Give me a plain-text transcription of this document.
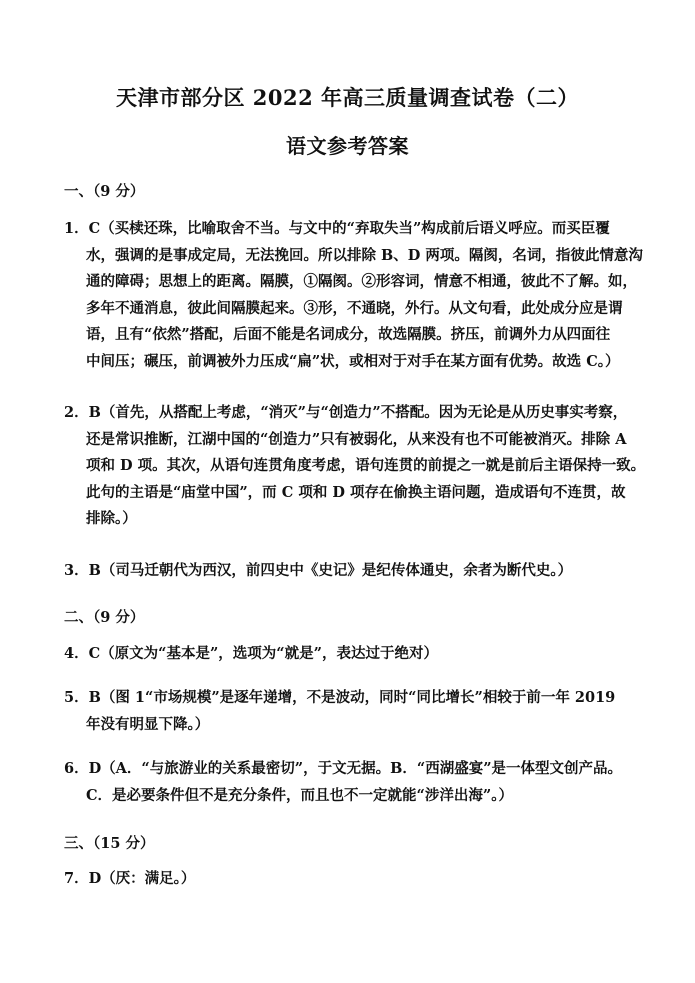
天津市部分区 2022 年高三质量调查试卷（二）
语文参考答案
一、（9 分）
1．C（买椟还珠，比喻取舍不当。与文中的“弃取失当”构成前后语义呼应。而买臣覆
水，强调的是事成定局，无法挽回。所以排除 B、D 两项。隔阂，名词，指彼此情意沟
通的障碍；思想上的距离。隔膜，①隔阂。②形容词，情意不相通，彼此不了解。如，
多年不通消息，彼此间隔膜起来。③形，不通晓，外行。从文句看，此处成分应是谓
语，且有“依然”搭配，后面不能是名词成分，故选隔膜。挤压，前调外力从四面往
中间压；碾压，前调被外力压成“扁”状，或相对于对手在某方面有优势。故选 C。）
2．B（首先，从搭配上考虑，“消灭”与“创造力”不搭配。因为无论是从历史事实考察，
还是常识推断，江湖中国的“创造力”只有被弱化，从来没有也不可能被消灭。排除 A
项和 D 项。其次，从语句连贯角度考虑，语句连贯的前提之一就是前后主语保持一致。
此句的主语是“庙堂中国”，而 C 项和 D 项存在偷换主语问题，造成语句不连贯，故
排除。）
3．B（司马迁朝代为西汉，前四史中《史记》是纪传体通史，余者为断代史。）
二、（9 分）
4．C（原文为“基本是”，选项为“就是”，表达过于绝对）
5．B（图 1“市场规模”是逐年递增，不是波动，同时“同比增长”相较于前一年 2019
年没有明显下降。）
6．D（A．“与旅游业的关系最密切”，于文无据。B．“西湖盛宴”是一体型文创产品。
C．是必要条件但不是充分条件，而且也不一定就能“涉洋出海”。）
三、（15 分）
7．D（厌：满足。）
